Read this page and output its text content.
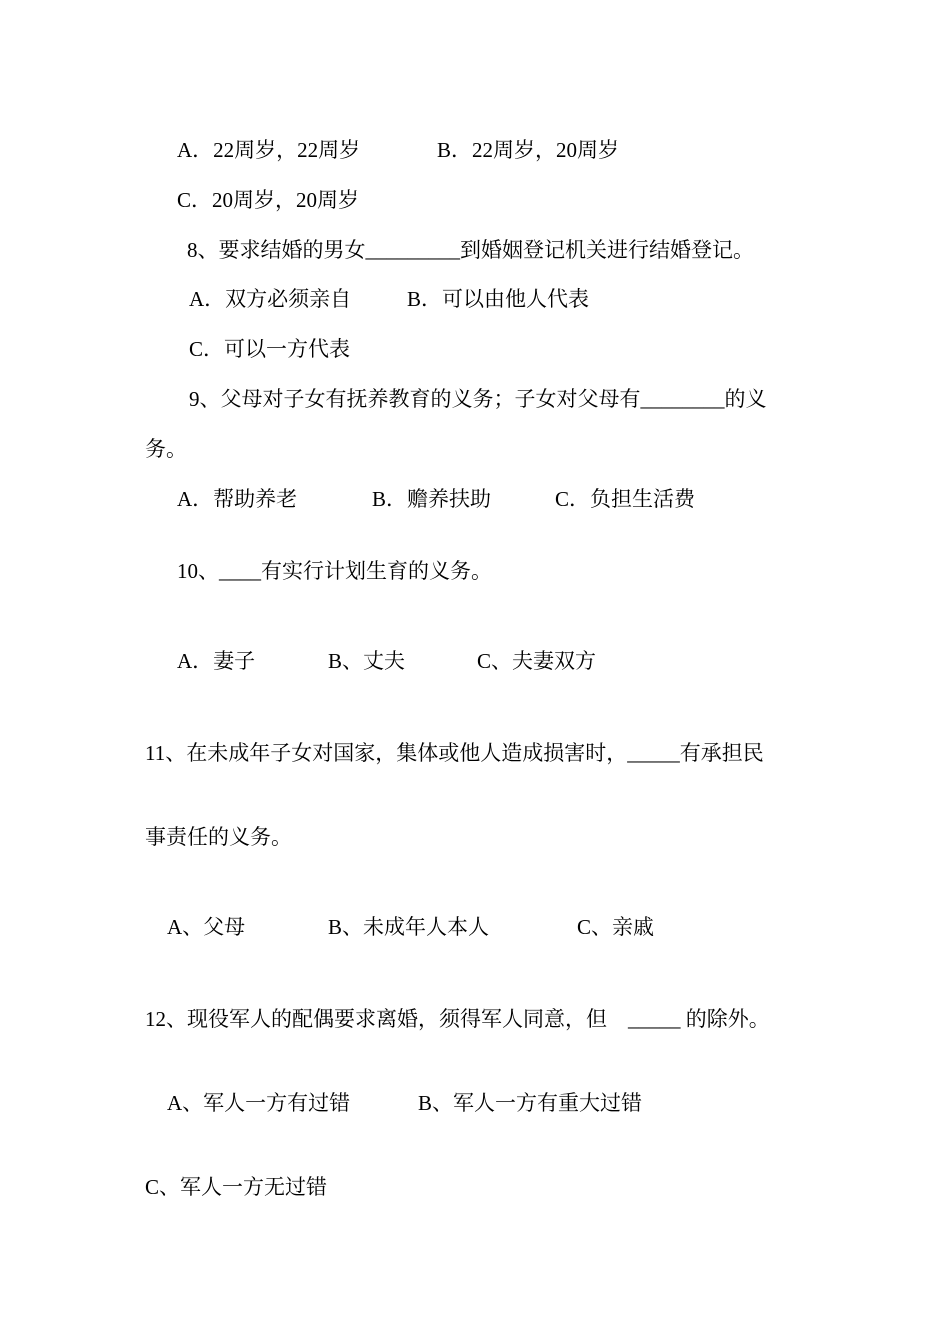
A．22周岁，22周岁	B．22周岁，20周岁
C．20周岁，20周岁
8、要求结婚的男女_________到婚姻登记机关进行结婚登记。
A．双方必须亲自	B．可以由他人代表
C．可以一方代表
9、父母对子女有抚养教育的义务；子女对父母有________的义
务。
A．帮助养老	B．赡养扶助	C．负担生活费
10、____有实行计划生育的义务。
A．妻子	B、丈夫	C、夫妻双方
11、在未成年子女对国家，集体或他人造成损害时，_____有承担民
事责任的义务。
A、父母	B、未成年人本人	C、亲戚
12、现役军人的配偶要求离婚，须得军人同意，但　_____ 的除外。
A、军人一方有过错	B、军人一方有重大过错
C、军人一方无过错
